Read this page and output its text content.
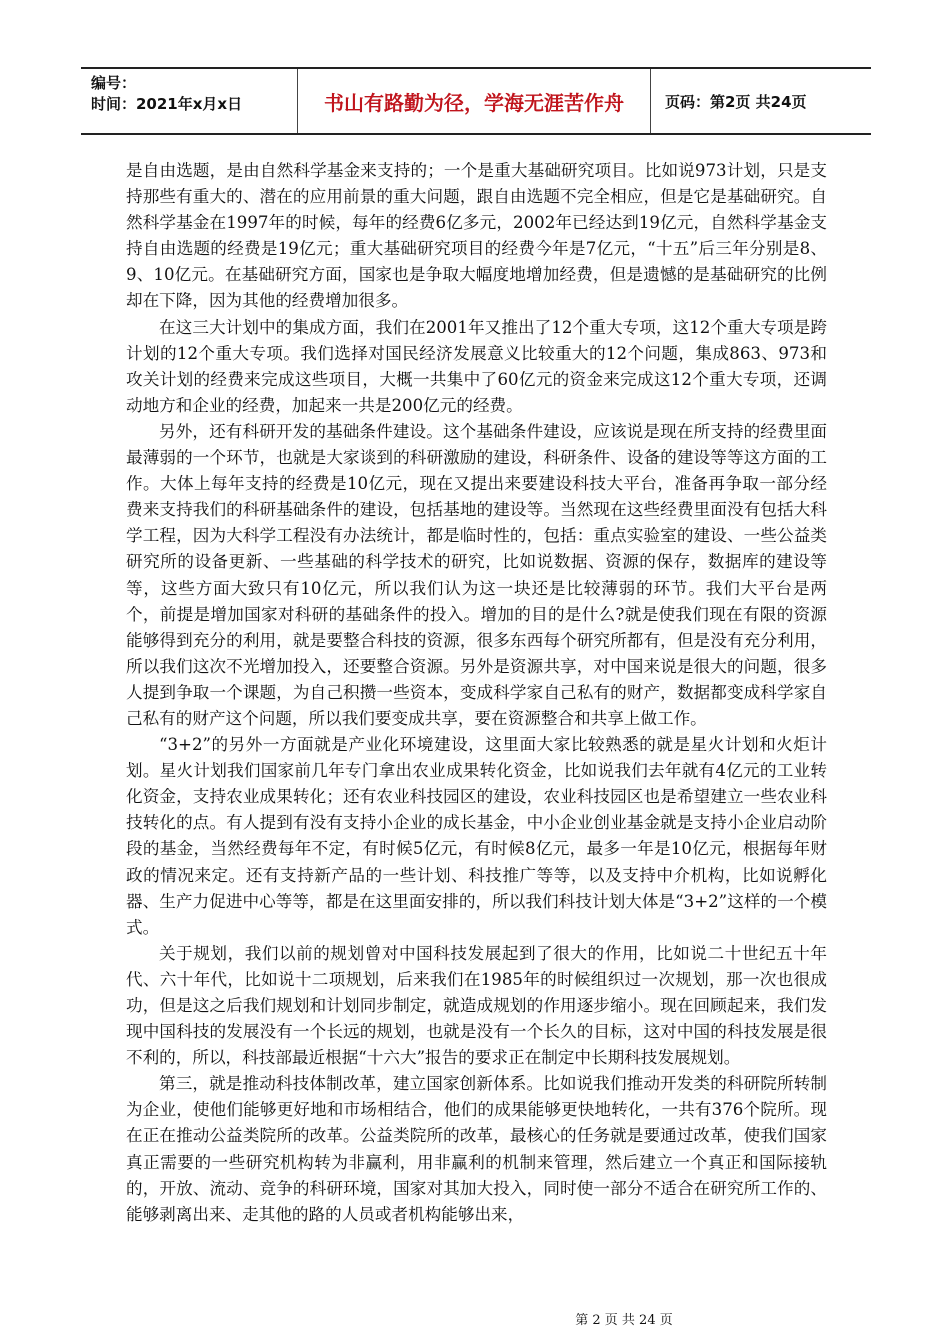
编号：
时间：2021年x月x日	书山有路勤为径，学海无涯苦作舟	页码：第2页 共24页

是自由选题，是由自然科学基金来支持的；一个是重大基础研究项目。比如说973计划，只是支持那些有重大的、潜在的应用前景的重大问题，跟自由选题不完全相应，但是它是基础研究。自然科学基金在1997年的时候，每年的经费6亿多元，2002年已经达到19亿元，自然科学基金支持自由选题的经费是19亿元；重大基础研究项目的经费今年是7亿元，“十五”后三年分别是8、9、10亿元。在基础研究方面，国家也是争取大幅度地增加经费，但是遗憾的是基础研究的比例却在下降，因为其他的经费增加很多。

在这三大计划中的集成方面，我们在2001年又推出了12个重大专项，这12个重大专项是跨计划的12个重大专项。我们选择对国民经济发展意义比较重大的12个问题，集成863、973和攻关计划的经费来完成这些项目，大概一共集中了60亿元的资金来完成这12个重大专项，还调动地方和企业的经费，加起来一共是200亿元的经费。

另外，还有科研开发的基础条件建设。这个基础条件建设，应该说是现在所支持的经费里面最薄弱的一个环节，也就是大家谈到的科研激励的建设，科研条件、设备的建设等等这方面的工作。大体上每年支持的经费是10亿元，现在又提出来要建设科技大平台，准备再争取一部分经费来支持我们的科研基础条件的建设，包括基地的建设等。当然现在这些经费里面没有包括大科学工程，因为大科学工程没有办法统计，都是临时性的，包括：重点实验室的建设、一些公益类研究所的设备更新、一些基础的科学技术的研究，比如说数据、资源的保存，数据库的建设等等，这些方面大致只有10亿元，所以我们认为这一块还是比较薄弱的环节。我们大平台是两个，前提是增加国家对科研的基础条件的投入。增加的目的是什么?就是使我们现在有限的资源能够得到充分的利用，就是要整合科技的资源，很多东西每个研究所都有，但是没有充分利用，所以我们这次不光增加投入，还要整合资源。另外是资源共享，对中国来说是很大的问题，很多人提到争取一个课题，为自己积攒一些资本，变成科学家自己私有的财产，数据都变成科学家自己私有的财产这个问题，所以我们要变成共享，要在资源整合和共享上做工作。

“3+2”的另外一方面就是产业化环境建设，这里面大家比较熟悉的就是星火计划和火炬计划。星火计划我们国家前几年专门拿出农业成果转化资金，比如说我们去年就有4亿元的工业转化资金，支持农业成果转化；还有农业科技园区的建设，农业科技园区也是希望建立一些农业科技转化的点。有人提到有没有支持小企业的成长基金，中小企业创业基金就是支持小企业启动阶段的基金，当然经费每年不定，有时候5亿元，有时候8亿元，最多一年是10亿元，根据每年财政的情况来定。还有支持新产品的一些计划、科技推广等等，以及支持中介机构，比如说孵化器、生产力促进中心等等，都是在这里面安排的，所以我们科技计划大体是“3+2”这样的一个模式。

关于规划，我们以前的规划曾对中国科技发展起到了很大的作用，比如说二十世纪五十年代、六十年代，比如说十二项规划，后来我们在1985年的时候组织过一次规划，那一次也很成功，但是这之后我们规划和计划同步制定，就造成规划的作用逐步缩小。现在回顾起来，我们发现中国科技的发展没有一个长远的规划，也就是没有一个长久的目标，这对中国的科技发展是很不利的，所以，科技部最近根据“十六大”报告的要求正在制定中长期科技发展规划。

第三，就是推动科技体制改革，建立国家创新体系。比如说我们推动开发类的科研院所转制为企业，使他们能够更好地和市场相结合，他们的成果能够更快地转化，一共有376个院所。现在正在推动公益类院所的改革。公益类院所的改革，最核心的任务就是要通过改革，使我们国家真正需要的一些研究机构转为非赢利，用非赢利的机制来管理，然后建立一个真正和国际接轨的，开放、流动、竞争的科研环境，国家对其加大投入，同时使一部分不适合在研究所工作的、能够剥离出来、走其他的路的人员或者机构能够出来，

第 2 页 共 24 页
